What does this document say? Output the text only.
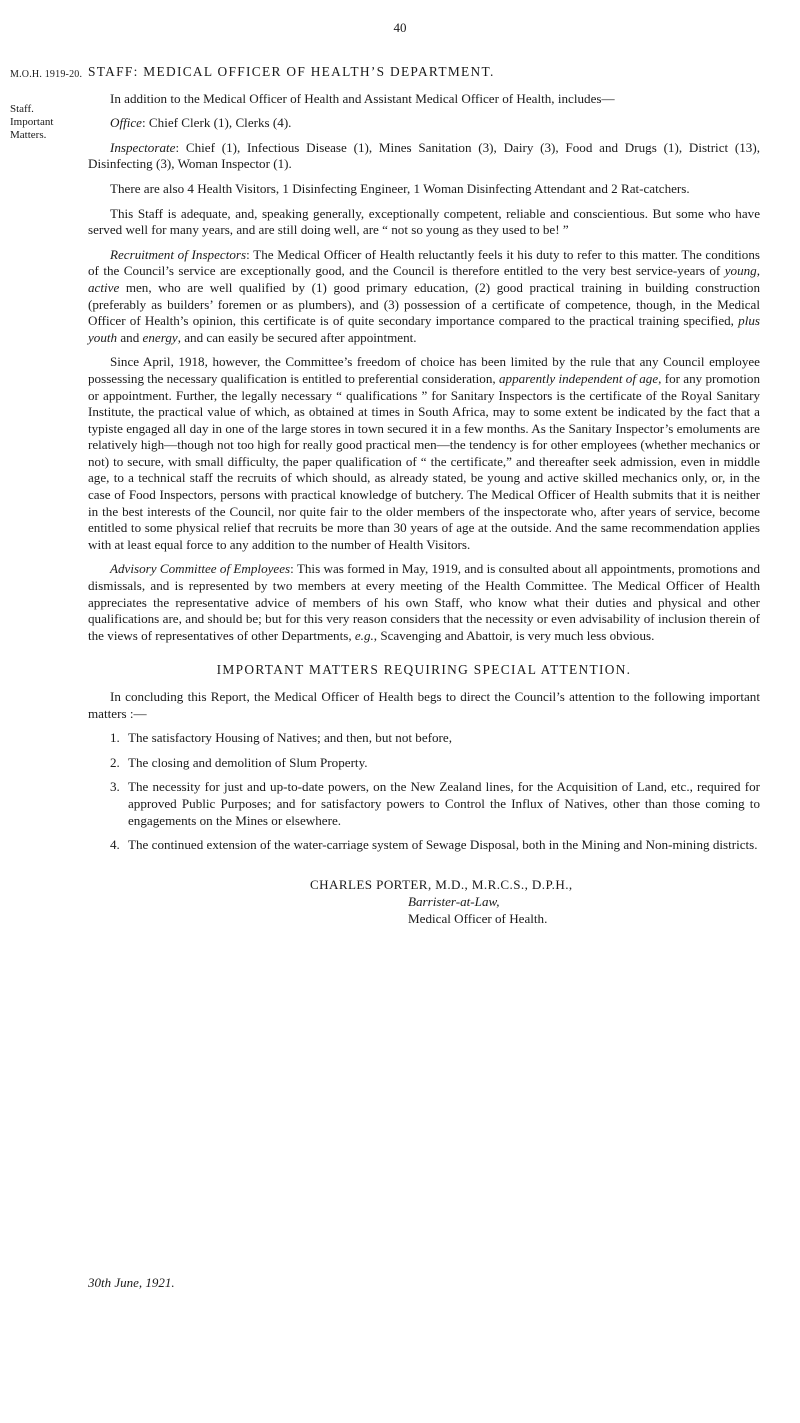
40
M.O.H. 1919-20.
Staff.
Important
Matters.
STAFF: MEDICAL OFFICER OF HEALTH’S DEPARTMENT.

In addition to the Medical Officer of Health and Assistant Medical Officer of Health, includes—

Office: Chief Clerk (1), Clerks (4).

Inspectorate: Chief (1), Infectious Disease (1), Mines Sanitation (3), Dairy (3), Food and Drugs (1), District (13), Disinfecting (3), Woman Inspector (1).

There are also 4 Health Visitors, 1 Disinfecting Engineer, 1 Woman Disinfecting Attendant and 2 Rat-catchers.

This Staff is adequate, and, speaking generally, exceptionally competent, reliable and conscientious. But some who have served well for many years, and are still doing well, are “ not so young as they used to be! ”

Recruitment of Inspectors: The Medical Officer of Health reluctantly feels it his duty to refer to this matter. The conditions of the Council’s service are exceptionally good, and the Council is therefore entitled to the very best service-years of young, active men, who are well qualified by (1) good primary education, (2) good practical training in building construction (preferably as builders’ foremen or as plumbers), and (3) possession of a certificate of competence, though, in the Medical Officer of Health’s opinion, this certificate is of quite secondary importance compared to the practical training specified, plus youth and energy, and can easily be secured after appointment.

Since April, 1918, however, the Committee’s freedom of choice has been limited by the rule that any Council employee possessing the necessary qualification is entitled to preferential consideration, apparently independent of age, for any promotion or appointment. Further, the legally necessary “ qualifications ” for Sanitary Inspectors is the certificate of the Royal Sanitary Institute, the practical value of which, as obtained at times in South Africa, may to some extent be indicated by the fact that a typiste engaged all day in one of the large stores in town secured it in a few months. As the Sanitary Inspector’s emoluments are relatively high—though not too high for really good practical men—the tendency is for other employees (whether mechanics or not) to secure, with small difficulty, the paper qualification of “ the certificate,” and thereafter seek admission, even in middle age, to a technical staff the recruits of which should, as already stated, be young and active skilled mechanics only, or, in the case of Food Inspectors, persons with practical knowledge of butchery. The Medical Officer of Health submits that it is neither in the best interests of the Council, nor quite fair to the older members of the inspectorate who, after years of service, become entitled to some physical relief that recruits be more than 30 years of age at the outside. And the same recommendation applies with at least equal force to any addition to the number of Health Visitors.

Advisory Committee of Employees: This was formed in May, 1919, and is consulted about all appointments, promotions and dismissals, and is represented by two members at every meeting of the Health Committee. The Medical Officer of Health appreciates the representative advice of members of his own Staff, who know what their duties and physical and other qualifications are, and should be; but for this very reason considers that the necessity or even advisability of inclusion therein of the views of representatives of other Departments, e.g., Scavenging and Abattoir, is very much less obvious.

IMPORTANT MATTERS REQUIRING SPECIAL ATTENTION.

In concluding this Report, the Medical Officer of Health begs to direct the Council’s attention to the following important matters :—

1. The satisfactory Housing of Natives; and then, but not before,
2. The closing and demolition of Slum Property.
3. The necessity for just and up-to-date powers, on the New Zealand lines, for the Acquisition of Land, etc., required for approved Public Purposes; and for satisfactory powers to Control the Influx of Natives, other than those coming to engagements on the Mines or elsewhere.
4. The continued extension of the water-carriage system of Sewage Disposal, both in the Mining and Non-mining districts.
CHARLES PORTER, M.D., M.R.C.S., D.P.H.,
Barrister-at-Law,
Medical Officer of Health.
30th June, 1921.
